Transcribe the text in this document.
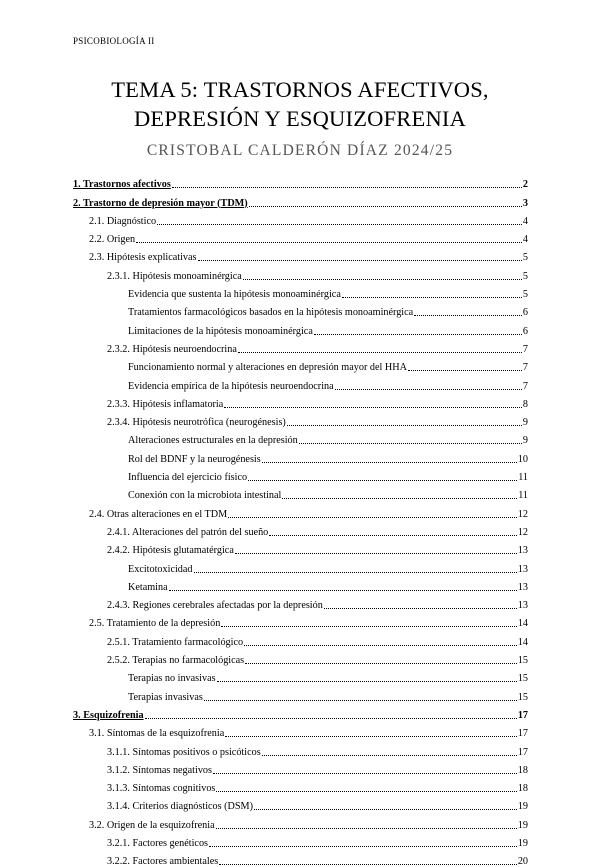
PSICOBIOLOGÍA II
TEMA 5: TRASTORNOS AFECTIVOS,
DEPRESIÓN Y ESQUIZOFRENIA
CRISTOBAL CALDERÓN DÍAZ 2024/25
1. Trastornos afectivos	2
2. Trastorno de depresión mayor (TDM)	3
2.1. Diagnóstico	4
2.2. Origen	4
2.3. Hipótesis explicativas	5
2.3.1. Hipótesis monoaminérgica	5
Evidencia que sustenta la hipótesis monoaminérgica	5
Tratamientos farmacológicos basados en la hipótesis monoaminérgica	6
Limitaciones de la hipótesis monoaminérgica	6
2.3.2. Hipótesis neuroendocrina	7
Funcionamiento normal y alteraciones en depresión mayor del HHA	7
Evidencia empírica de la hipótesis neuroendocrina	7
2.3.3. Hipótesis inflamatoria	8
2.3.4. Hipótesis neurotrófica (neurogénesis)	9
Alteraciones estructurales en la depresión	9
Rol del BDNF y la neurogénesis	10
Influencia del ejercicio físico	11
Conexión con la microbiota intestinal	11
2.4. Otras alteraciones en el TDM	12
2.4.1. Alteraciones del patrón del sueño	12
2.4.2. Hipótesis glutamatérgica	13
Excitotoxicidad	13
Ketamina	13
2.4.3. Regiones cerebrales afectadas por la depresión	13
2.5. Tratamiento de la depresión	14
2.5.1. Tratamiento farmacológico	14
2.5.2. Terapias no farmacológicas	15
Terapias no invasivas	15
Terapias invasivas	15
3. Esquizofrenia	17
3.1. Síntomas de la esquizofrenia	17
3.1.1. Síntomas positivos o psicóticos	17
3.1.2. Síntomas negativos	18
3.1.3. Síntomas cognitivos	18
3.1.4. Criterios diagnósticos (DSM)	19
3.2. Origen de la esquizofrenia	19
3.2.1. Factores genéticos	19
3.2.2. Factores ambientales	20
